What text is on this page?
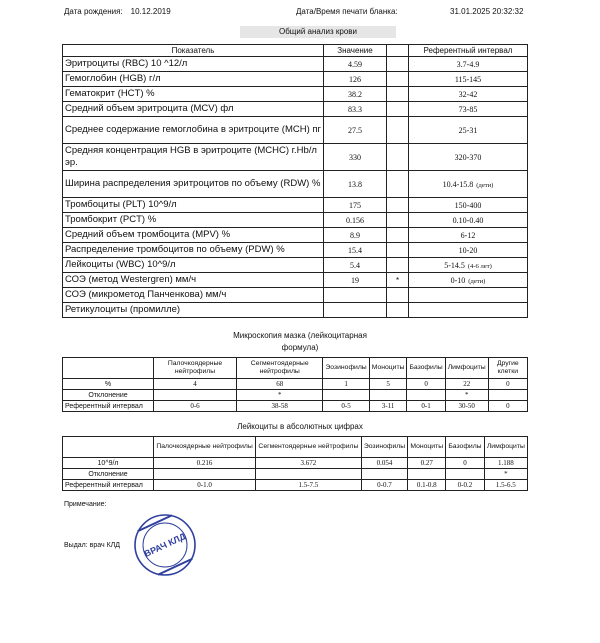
Дата рождения: 10.12.2019	Дата/Время печати бланка:	31.01.2025 20:32:32
Общий анализ крови
Показатель	Значение		Референтный интервал
Эритроциты (RBC) 10 ^12/л	4.59		3.7-4.9
Гемоглобин (HGB) г/л	126		115-145
Гематокрит (HCT) %	38.2		32-42
Средний объем эритроцита (MCV) фл	83.3		73-85
Среднее содержание гемоглобина в эритроците (MCH) пг	27.5		25-31
Средняя концентрация HGB в эритроците (MCHC) г.Hb/л эр.	330		320-370
Ширина распределения эритроцитов по объему (RDW) %	13.8		10.4-15.8 (дети)
Тромбоциты (PLT) 10^9/л	175		150-400
Тромбокрит (PCT) %	0.156		0.10-0.40
Средний объем тромбоцита (MPV) %	8.9		6-12
Распределение тромбоцитов по объему (PDW) %	15.4		10-20
Лейкоциты (WBC) 10^9/л	5.4		5-14.5 (4-6 лет)
СОЭ (метод Westergren) мм/ч	19	*	0-10 (дети)
СОЭ (микрометод Панченкова) мм/ч			
Ретикулоциты (промилле)			
Микроскопия мазка (лейкоцитарная
формула)
	Палочкоядерные нейтрофилы	Сегментоядерные нейтрофилы	Эозинофилы	Моноциты	Базофилы	Лимфоциты	Другие клетки
%	4	68	1	5	0	22	0
Отклонение		*				*	
Референтный интервал	0-6	38-58	0-5	3-11	0-1	30-50	0
Лейкоциты в абсолютных цифрах
	Палочкоядерные нейтрофилы	Сегментоядерные нейтрофилы	Эозинофилы	Моноциты	Базофилы	Лимфоциты
10^9/л	0.216	3.672	0.054	0.27	0	1.188
Отклонение						*
Референтный интервал	0-1.0	1.5-7.5	0-0.7	0.1-0.8	0-0.2	1.5-6.5
Примечание:
Выдал: врач КЛД	ВРАЧ КЛД
